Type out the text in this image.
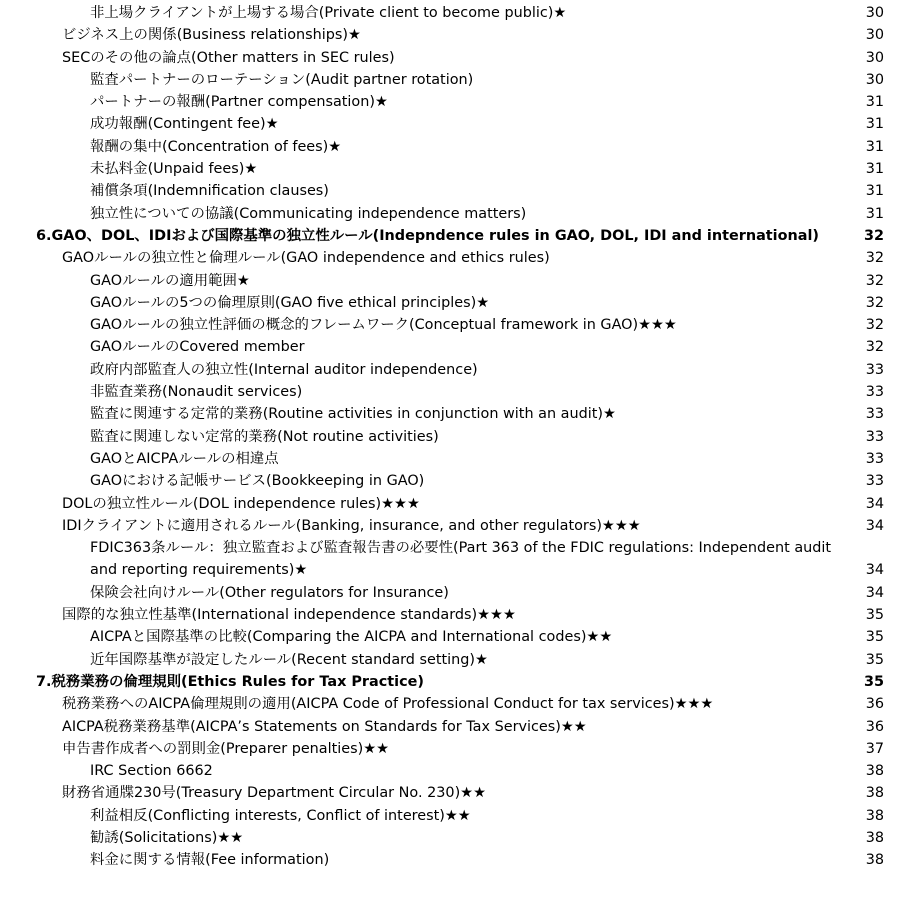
非上場クライアントが上場する場合(Private client to become public)★	30
ビジネス上の関係(Business relationships)★	30
SECのその他の論点(Other matters in SEC rules)	30
監査パートナーのローテーション(Audit partner rotation)	30
パートナーの報酬(Partner compensation)★	31
成功報酬(Contingent fee)★	31
報酬の集中(Concentration of fees)★	31
未払料金(Unpaid fees)★	31
補償条項(Indemnification clauses)	31
独立性についての協議(Communicating independence matters)	31
6.GAO、DOL、IDIおよび国際基準の独立性ルール(Indepndence rules in GAO, DOL, IDI and international)	32
GAOルールの独立性と倫理ルール(GAO independence and ethics rules)	32
GAOルールの適用範囲★	32
GAOルールの5つの倫理原則(GAO five ethical principles)★	32
GAOルールの独立性評価の概念的フレームワーク(Conceptual framework in GAO)★★★	32
GAOルールのCovered member	32
政府内部監査人の独立性(Internal auditor independence)	33
非監査業務(Nonaudit services)	33
監査に関連する定常的業務(Routine activities in conjunction with an audit)★	33
監査に関連しない定常的業務(Not routine activities)	33
GAOとAICPAルールの相違点	33
GAOにおける記帳サービス(Bookkeeping in GAO)	33
DOLの独立性ルール(DOL independence rules)★★★	34
IDIクライアントに適用されるルール(Banking, insurance, and other regulators)★★★	34
FDIC363条ルール：独立監査および監査報告書の必要性(Part 363 of the FDIC regulations: Independent audit and reporting requirements)★	34
保険会社向けルール(Other regulators for Insurance)	34
国際的な独立性基準(International independence standards)★★★	35
AICPAと国際基準の比較(Comparing the AICPA and International codes)★★	35
近年国際基準が設定したルール(Recent standard setting)★	35
7.税務業務の倫理規則(Ethics Rules for Tax Practice)	35
税務業務へのAICPA倫理規則の適用(AICPA Code of Professional Conduct for tax services)★★★	36
AICPA税務業務基準(AICPA’s Statements on Standards for Tax Services)★★	36
申告書作成者への罰則金(Preparer penalties)★★	37
IRC Section 6662	38
財務省通牒230号(Treasury Department Circular No. 230)★★	38
利益相反(Conflicting interests, Conflict of interest)★★	38
勧誘(Solicitations)★★	38
料金に関する情報(Fee information)	38
